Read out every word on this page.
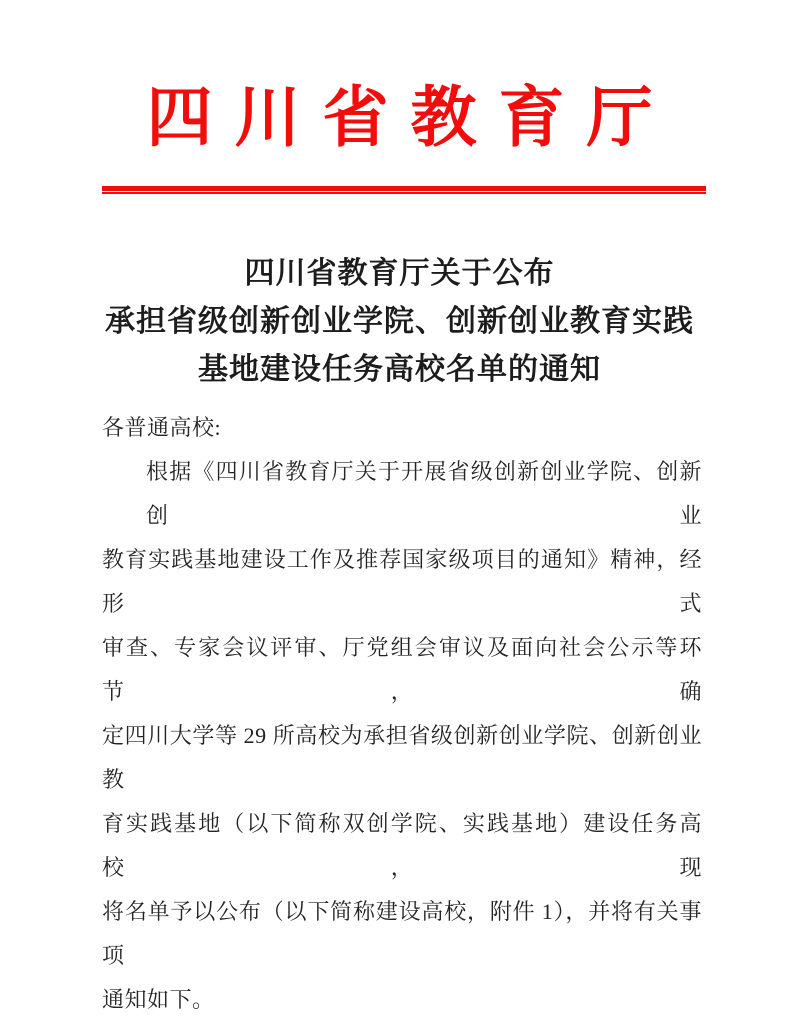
四川省教育厅
四川省教育厅关于公布
承担省级创新创业学院、创新创业教育实践
基地建设任务高校名单的通知
各普通高校:
根据《四川省教育厅关于开展省级创新创业学院、创新创业
教育实践基地建设工作及推荐国家级项目的通知》精神，经形式
审查、专家会议评审、厅党组会审议及面向社会公示等环节，确
定四川大学等 29 所高校为承担省级创新创业学院、创新创业教
育实践基地（以下简称双创学院、实践基地）建设任务高校，现
将名单予以公布（以下简称建设高校，附件 1），并将有关事项
通知如下。
